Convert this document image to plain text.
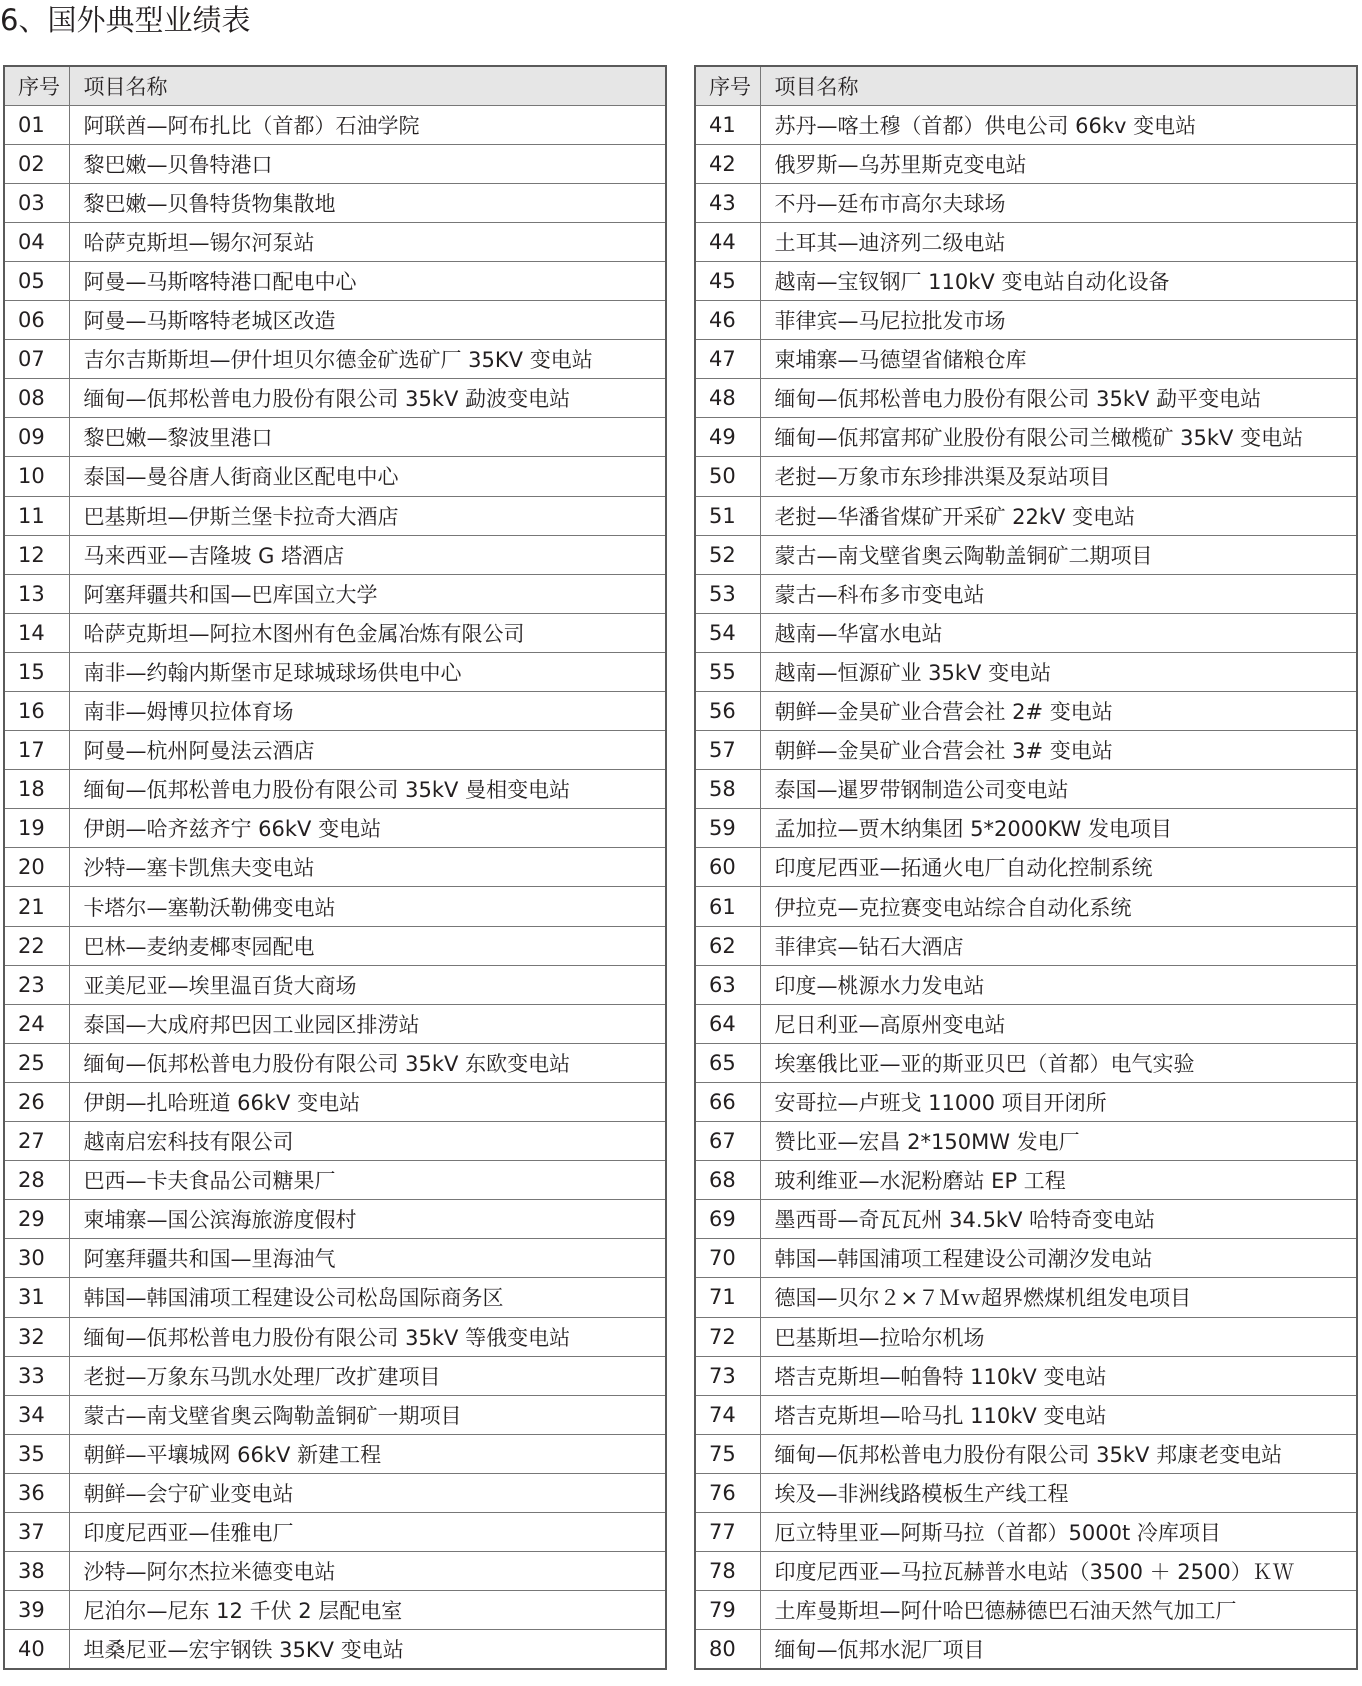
6、国外典型业绩表
序号	项目名称
01	阿联酋—阿布扎比（首都）石油学院
02	黎巴嫩—贝鲁特港口
03	黎巴嫩—贝鲁特货物集散地
04	哈萨克斯坦—锡尔河泵站
05	阿曼—马斯喀特港口配电中心
06	阿曼—马斯喀特老城区改造
07	吉尔吉斯斯坦—伊什坦贝尔德金矿选矿厂 35KV 变电站
08	缅甸—佤邦松普电力股份有限公司 35kV 勐波变电站
09	黎巴嫩—黎波里港口
10	泰国—曼谷唐人街商业区配电中心
11	巴基斯坦—伊斯兰堡卡拉奇大酒店
12	马来西亚—吉隆坡 G 塔酒店
13	阿塞拜疆共和国—巴库国立大学
14	哈萨克斯坦—阿拉木图州有色金属冶炼有限公司
15	南非—约翰内斯堡市足球城球场供电中心
16	南非—姆博贝拉体育场
17	阿曼—杭州阿曼法云酒店
18	缅甸—佤邦松普电力股份有限公司 35kV 曼相变电站
19	伊朗—哈齐兹齐宁 66kV 变电站
20	沙特—塞卡凯焦夫变电站
21	卡塔尔—塞勒沃勒佛变电站
22	巴林—麦纳麦椰枣园配电
23	亚美尼亚—埃里温百货大商场
24	泰国—大成府邦巴因工业园区排涝站
25	缅甸—佤邦松普电力股份有限公司 35kV 东欧变电站
26	伊朗—扎哈班道 66kV 变电站
27	越南启宏科技有限公司
28	巴西—卡夫食品公司糖果厂
29	柬埔寨—国公滨海旅游度假村
30	阿塞拜疆共和国—里海油气
31	韩国—韩国浦项工程建设公司松岛国际商务区
32	缅甸—佤邦松普电力股份有限公司 35kV 等俄变电站
33	老挝—万象东马凯水处理厂改扩建项目
34	蒙古—南戈壁省奥云陶勒盖铜矿一期项目
35	朝鲜—平壤城网 66kV 新建工程
36	朝鲜—会宁矿业变电站
37	印度尼西亚—佳雅电厂
38	沙特—阿尔杰拉米德变电站
39	尼泊尔—尼东 12 千伏 2 层配电室
40	坦桑尼亚—宏宇钢铁 35KV 变电站
序号	项目名称
41	苏丹—喀土穆（首都）供电公司 66kv 变电站
42	俄罗斯—乌苏里斯克变电站
43	不丹—廷布市高尔夫球场
44	土耳其—迪济列二级电站
45	越南—宝钗钢厂 110kV 变电站自动化设备
46	菲律宾—马尼拉批发市场
47	柬埔寨—马德望省储粮仓库
48	缅甸—佤邦松普电力股份有限公司 35kV 勐平变电站
49	缅甸—佤邦富邦矿业股份有限公司兰橄榄矿 35kV 变电站
50	老挝—万象市东珍排洪渠及泵站项目
51	老挝—华潘省煤矿开采矿 22kV 变电站
52	蒙古—南戈壁省奥云陶勒盖铜矿二期项目
53	蒙古—科布多市变电站
54	越南—华富水电站
55	越南—恒源矿业 35kV 变电站
56	朝鲜—金昊矿业合营会社 2# 变电站
57	朝鲜—金昊矿业合营会社 3# 变电站
58	泰国—暹罗带钢制造公司变电站
59	孟加拉—贾木纳集团 5*2000KW 发电项目
60	印度尼西亚—拓通火电厂自动化控制系统
61	伊拉克—克拉赛变电站综合自动化系统
62	菲律宾—钻石大酒店
63	印度—桃源水力发电站
64	尼日利亚—高原州变电站
65	埃塞俄比亚—亚的斯亚贝巴（首都）电气实验
66	安哥拉—卢班戈 11000 项目开闭所
67	赞比亚—宏昌 2*150MW 发电厂
68	玻利维亚—水泥粉磨站 EP 工程
69	墨西哥—奇瓦瓦州 34.5kV 哈特奇变电站
70	韩国—韩国浦项工程建设公司潮汐发电站
71	德国—贝尔２×７Ｍｗ超界燃煤机组发电项目
72	巴基斯坦—拉哈尔机场
73	塔吉克斯坦—帕鲁特 110kV 变电站
74	塔吉克斯坦—哈马扎 110kV 变电站
75	缅甸—佤邦松普电力股份有限公司 35kV 邦康老变电站
76	埃及—非洲线路模板生产线工程
77	厄立特里亚—阿斯马拉（首都）5000t 冷库项目
78	印度尼西亚—马拉瓦赫普水电站（3500 ＋ 2500）ＫＷ
79	土库曼斯坦—阿什哈巴德赫德巴石油天然气加工厂
80	缅甸—佤邦水泥厂项目
